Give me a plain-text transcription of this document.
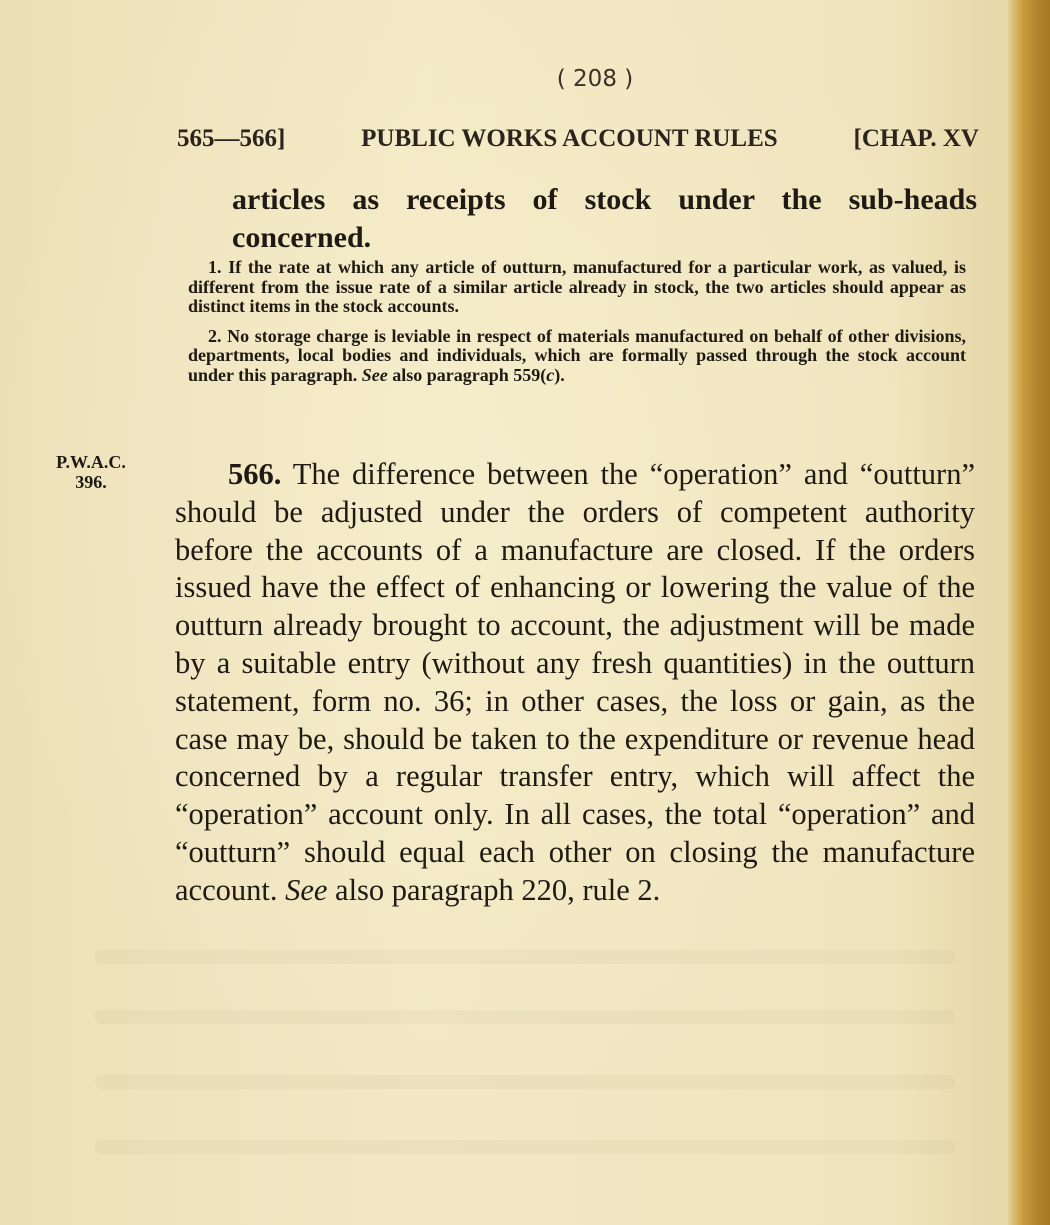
( 208 )
565—566]	PUBLIC WORKS ACCOUNT RULES	[CHAP. XV
articles as receipts of stock under the sub-heads concerned.

1. If the rate at which any article of outturn, manufactured for a particular work, as valued, is different from the issue rate of a similar article already in stock, the two articles should appear as distinct items in the stock accounts.

2. No storage charge is leviable in respect of materials manufactured on behalf of other divisions, departments, local bodies and individuals, which are formally passed through the stock account under this paragraph. See also paragraph 559(c).

P.W.A.C.
396.	566. The difference between the “operation” and “outturn” should be adjusted under the orders of competent authority before the accounts of a manufacture are closed. If the orders issued have the effect of enhancing or lowering the value of the outturn already brought to account, the adjustment will be made by a suitable entry (without any fresh quantities) in the outturn statement, form no. 36; in other cases, the loss or gain, as the case may be, should be taken to the expenditure or revenue head concerned by a regular transfer entry, which will affect the “operation” account only. In all cases, the total “operation” and “outturn” should equal each other on closing the manufacture account. See also paragraph 220, rule 2.
